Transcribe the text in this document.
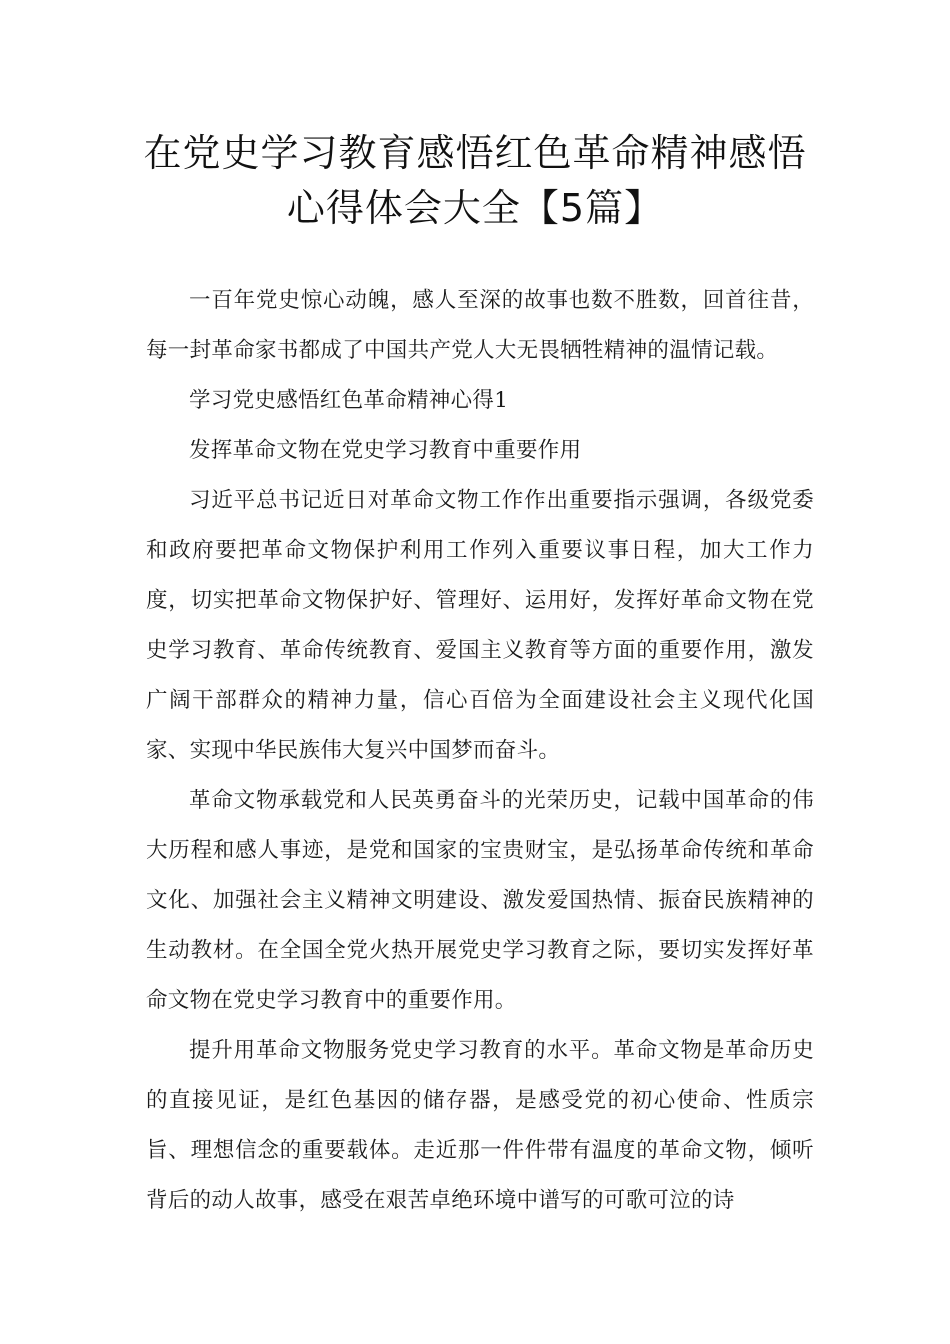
在党史学习教育感悟红色革命精神感悟
心得体会大全【5篇】

一百年党史惊心动魄，感人至深的故事也数不胜数，回首往昔，每一封革命家书都成了中国共产党人大无畏牺牲精神的温情记载。

学习党史感悟红色革命精神心得1

发挥革命文物在党史学习教育中重要作用

习近平总书记近日对革命文物工作作出重要指示强调，各级党委和政府要把革命文物保护利用工作列入重要议事日程，加大工作力度，切实把革命文物保护好、管理好、运用好，发挥好革命文物在党史学习教育、革命传统教育、爱国主义教育等方面的重要作用，激发广阔干部群众的精神力量，信心百倍为全面建设社会主义现代化国家、实现中华民族伟大复兴中国梦而奋斗。

革命文物承载党和人民英勇奋斗的光荣历史，记载中国革命的伟大历程和感人事迹，是党和国家的宝贵财宝，是弘扬革命传统和革命文化、加强社会主义精神文明建设、激发爱国热情、振奋民族精神的生动教材。在全国全党火热开展党史学习教育之际，要切实发挥好革命文物在党史学习教育中的重要作用。

提升用革命文物服务党史学习教育的水平。革命文物是革命历史的直接见证，是红色基因的储存器，是感受党的初心使命、性质宗旨、理想信念的重要载体。走近那一件件带有温度的革命文物，倾听背后的动人故事，感受在艰苦卓绝环境中谱写的可歌可泣的诗
